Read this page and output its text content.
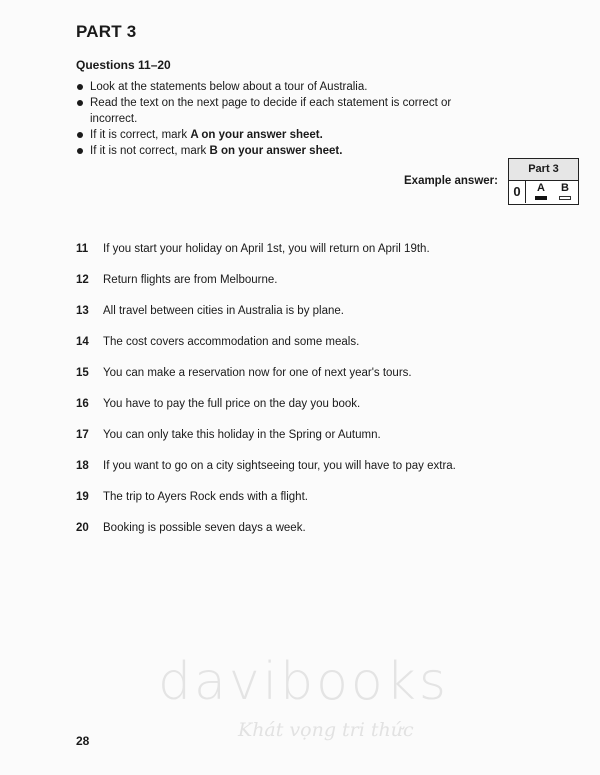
PART 3
Questions 11–20
Look at the statements below about a tour of Australia.
Read the text on the next page to decide if each statement is correct or incorrect.
If it is correct, mark A on your answer sheet.
If it is not correct, mark B on your answer sheet.
Example answer:
Part 3
0	A	B
11 If you start your holiday on April 1st, you will return on April 19th.
12 Return flights are from Melbourne.
13 All travel between cities in Australia is by plane.
14 The cost covers accommodation and some meals.
15 You can make a reservation now for one of next year's tours.
16 You have to pay the full price on the day you book.
17 You can only take this holiday in the Spring or Autumn.
18 If you want to go on a city sightseeing tour, you will have to pay extra.
19 The trip to Ayers Rock ends with a flight.
20 Booking is possible seven days a week.
davibooks
Khát vọng tri thức
28
